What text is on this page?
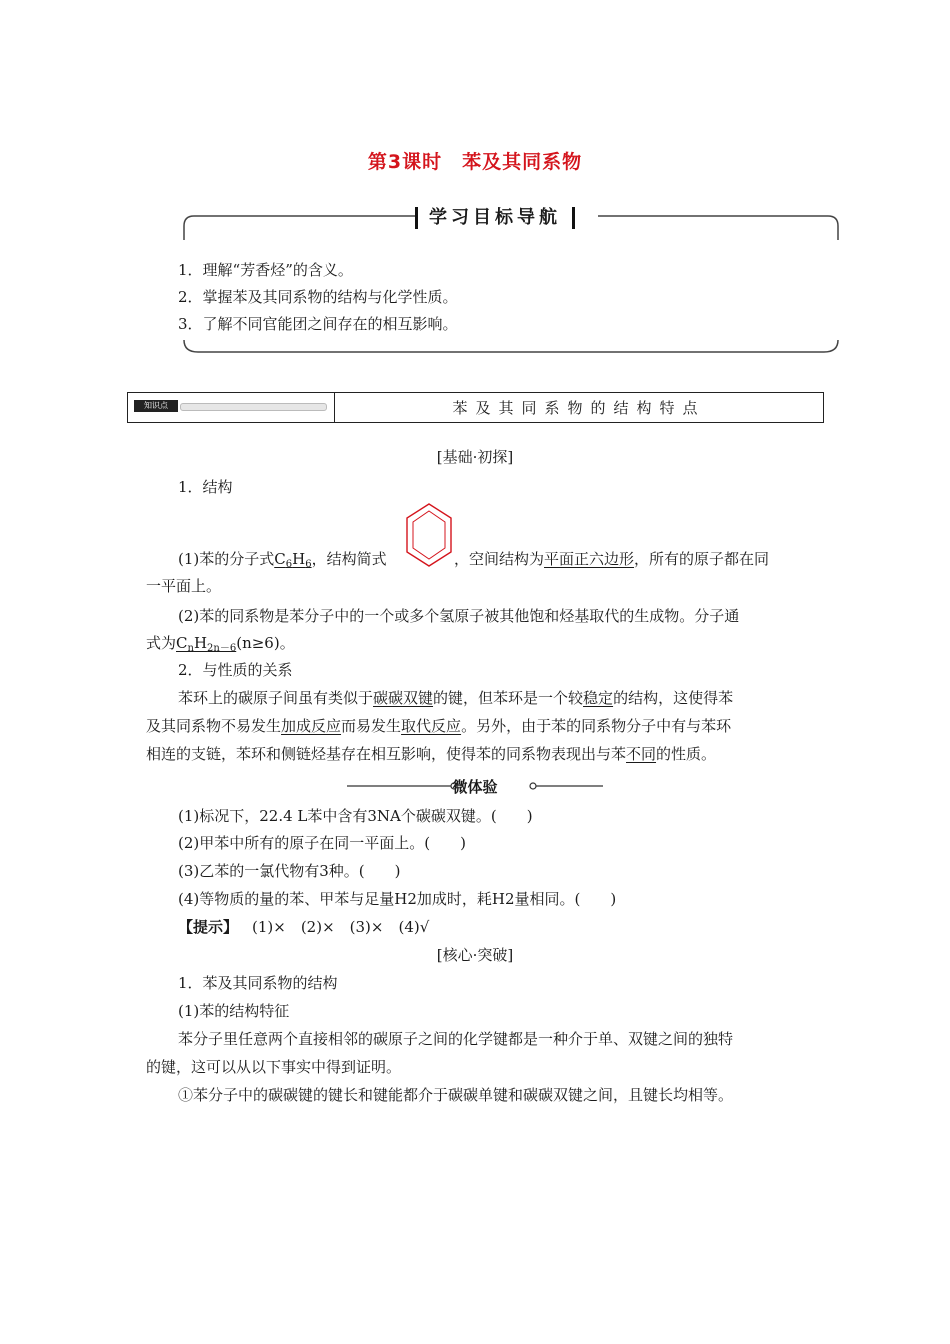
第3课时　苯及其同系物
学习目标导航
1．理解“芳香烃”的含义。
2．掌握苯及其同系物的结构与化学性质。
3．了解不同官能团之间存在的相互影响。
知识点	苯及其同系物的结构特点
[基础·初探]
1．结构
(1)苯的分子式$C_6H_6$，结构简式	，空间结构为平面正六边形，所有的原子都在同
一平面上。
(2)苯的同系物是苯分子中的一个或多个氢原子被其他饱和烃基取代的生成物。分子通
式为$C_nH_{2n-6}(n\ge 6)$。
2．与性质的关系
苯环上的碳原子间虽有类似于碳碳双键的键，但苯环是一个较稳定的结构，这使得苯
及其同系物不易发生加成反应而易发生取代反应。另外，由于苯的同系物分子中有与苯环
相连的支链，苯环和侧链烃基存在相互影响，使得苯的同系物表现出与苯不同的性质。
微体验
(1)标况下，22.4 L苯中含有3NA个碳碳双键。(　　)
(2)甲苯中所有的原子在同一平面上。(　　)
(3)乙苯的一氯代物有3种。(　　)
(4)等物质的量的苯、甲苯与足量H2加成时，耗H2量相同。(　　)
【提示】 (1)×　(2)×　(3)×　(4)√
[核心·突破]
1．苯及其同系物的结构
(1)苯的结构特征
苯分子里任意两个直接相邻的碳原子之间的化学键都是一种介于单、双键之间的独特
的键，这可以从以下事实中得到证明。
①苯分子中的碳碳键的键长和键能都介于碳碳单键和碳碳双键之间，且键长均相等。
